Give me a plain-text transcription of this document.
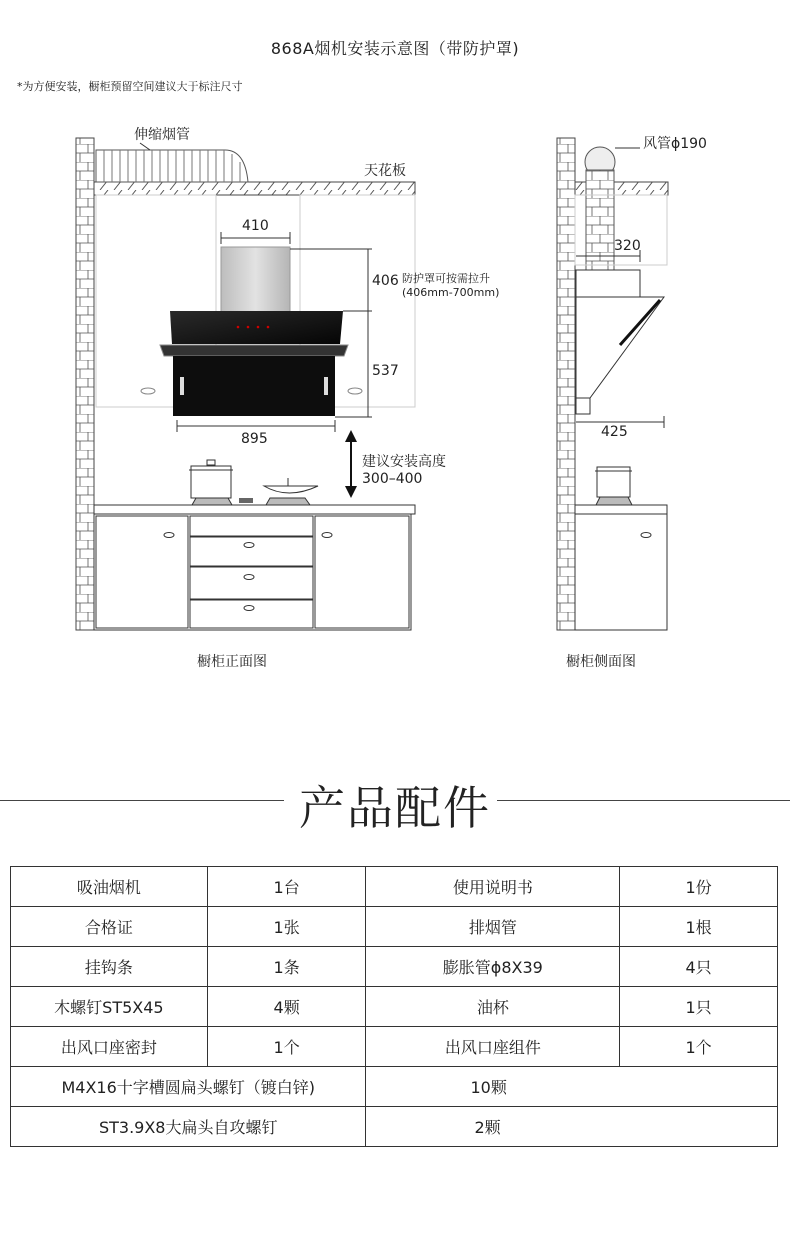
868A烟机安装示意图（带防护罩)
*为方便安装，橱柜预留空间建议大于标注尺寸
伸缩烟管
天花板
410
406 防护罩可按需拉升
(406mm-700mm)
537
895
建议安装高度
300–400
橱柜正面图
风管ϕ190
320
425
橱柜侧面图
产品配件
吸油烟机	1台	使用说明书	1份
合格证	1张	排烟管	1根
挂钩条	1条	膨胀管ϕ8X39	4只
木螺钉ST5X45	4颗	油杯	1只
出风口座密封	1个	出风口座组件	1个
M4X16十字槽圆扁头螺钉（镀白锌)		10颗	
ST3.9X8大扁头自攻螺钉		2颗	
